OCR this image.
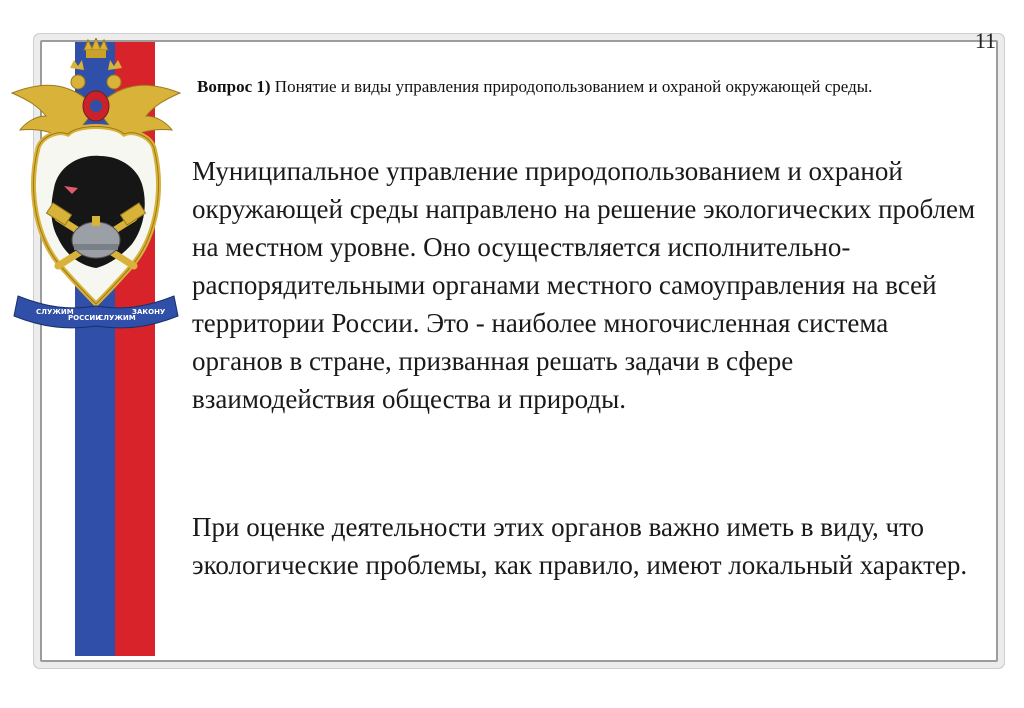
СЛУЖИМ
РОССИИ
СЛУЖИМ
ЗАКОНУ
11
Вопрос 1) Понятие и виды управления природопользованием и охраной окружающей среды.
Муниципальное управление природопользованием и охраной окружающей среды направлено на решение экологических проблем на местном уровне. Оно осуществляется исполнительно-распорядительными органами местного самоуправления на всей территории России. Это - наиболее многочисленная система органов в стране, призванная решать задачи в сфере взаимодействия общества и природы.
При оценке деятельности этих органов важно иметь в виду, что экологические проблемы, как правило, имеют локальный характер.
